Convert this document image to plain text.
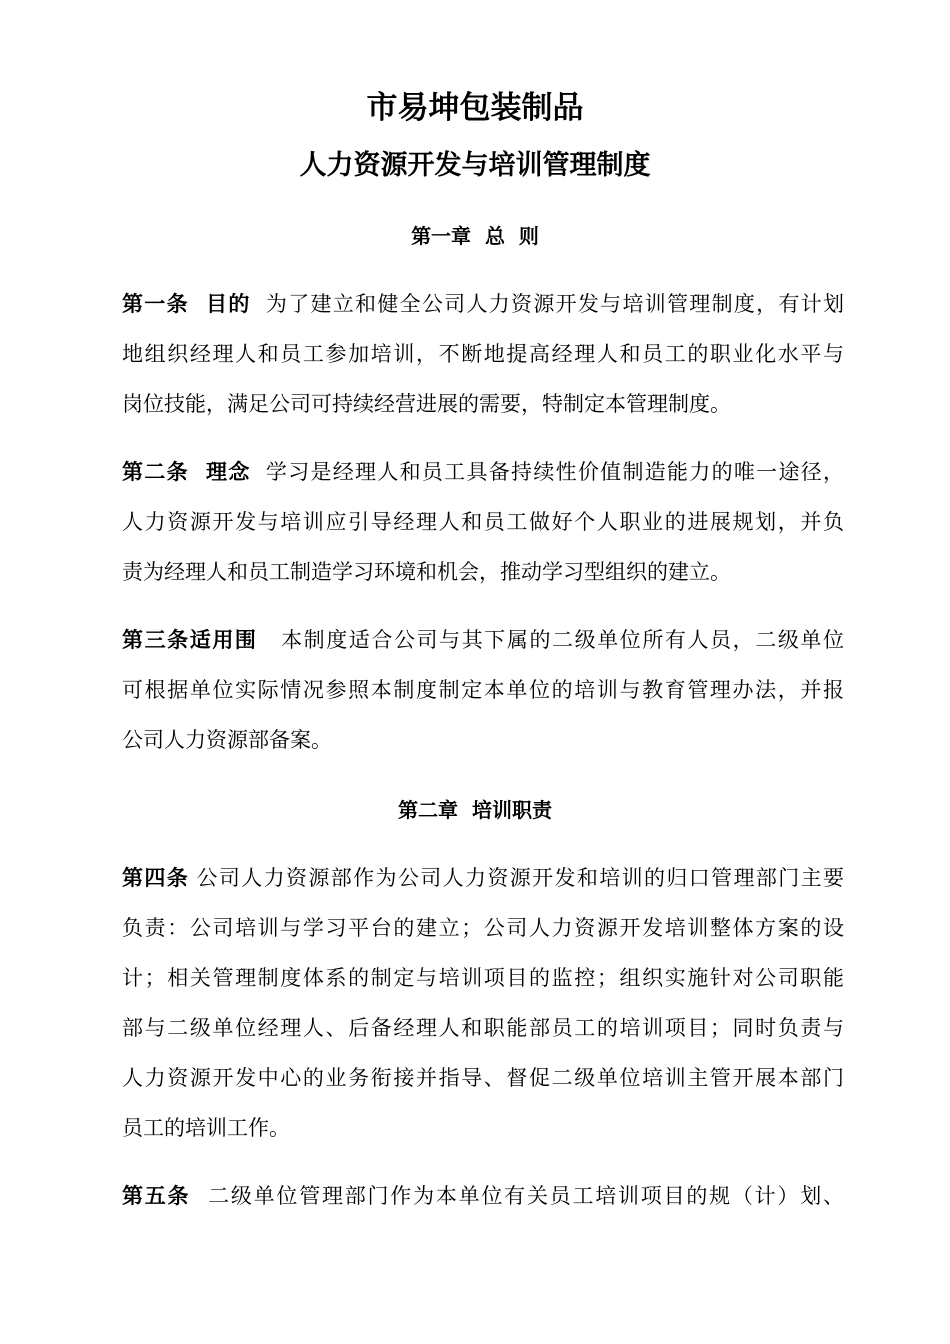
市易坤包装制品
人力资源开发与培训管理制度
第一章  总  则
第一条  目的 为了建立和健全公司人力资源开发与培训管理制度，有计划
地组织经理人和员工参加培训，不断地提高经理人和员工的职业化水平与
岗位技能，满足公司可持续经营进展的需要，特制定本管理制度。
第二条  理念 学习是经理人和员工具备持续性价值制造能力的唯一途径，
人力资源开发与培训应引导经理人和员工做好个人职业的进展规划，并负
责为经理人和员工制造学习环境和机会，推动学习型组织的建立。
第三条适用围 本制度适合公司与其下属的二级单位所有人员，二级单位
可根据单位实际情况参照本制度制定本单位的培训与教育管理办法，并报
公司人力资源部备案。
第二章  培训职责
第四条 公司人力资源部作为公司人力资源开发和培训的归口管理部门主要
负责：公司培训与学习平台的建立；公司人力资源开发培训整体方案的设
计；相关管理制度体系的制定与培训项目的监控；组织实施针对公司职能
部与二级单位经理人、后备经理人和职能部员工的培训项目；同时负责与
人力资源开发中心的业务衔接并指导、督促二级单位培训主管开展本部门
员工的培训工作。
第五条 二级单位管理部门作为本单位有关员工培训项目的规（计）划、
